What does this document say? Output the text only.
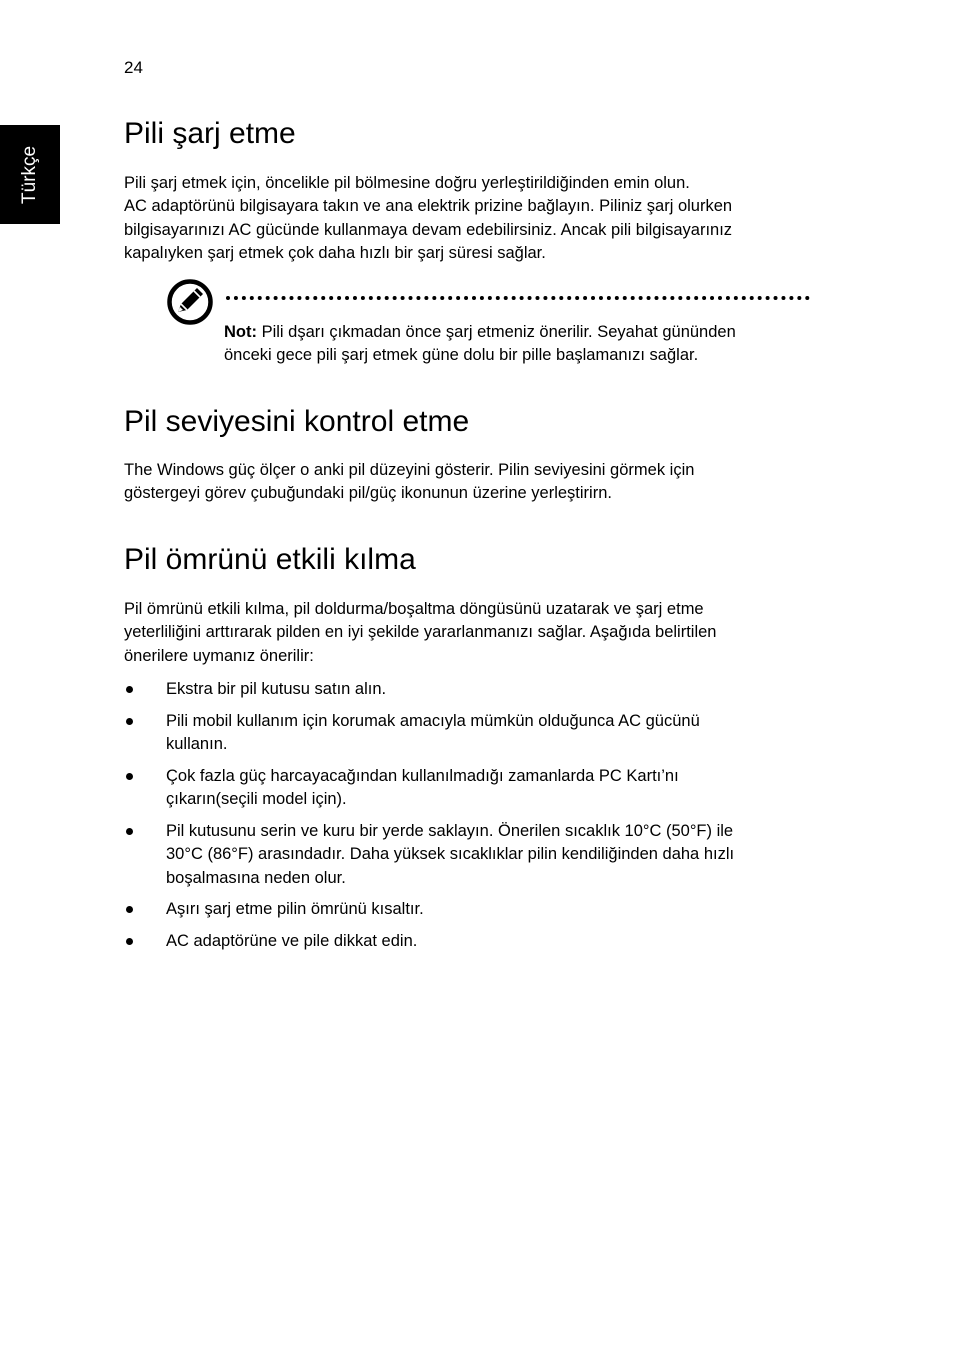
24
Türkçe
Pili şarj etme
Pili şarj etmek için, öncelikle pil bölmesine doğru yerleştirildiğinden emin olun.
AC adaptörünü bilgisayara takın ve ana elektrik prizine bağlayın. Piliniz şarj olurken
bilgisayarınızı AC gücünde kullanmaya devam edebilirsiniz. Ancak pili bilgisayarınız
kapalıyken şarj etmek çok daha hızlı bir şarj süresi sağlar.
Not: Pili dşarı çıkmadan önce şarj etmeniz önerilir. Seyahat gününden
önceki gece pili şarj etmek güne dolu bir pille başlamanızı sağlar.
Pil seviyesini kontrol etme
The Windows güç ölçer o anki pil düzeyini gösterir. Pilin seviyesini görmek için
göstergeyi görev çubuğundaki pil/güç ikonunun üzerine yerleştirirn.
Pil ömrünü etkili kılma
Pil ömrünü etkili kılma, pil doldurma/boşaltma döngüsünü uzatarak ve şarj etme
yeterliliğini arttırarak pilden en iyi şekilde yararlanmanızı sağlar. Aşağıda belirtilen
önerilere uymanız önerilir:
Ekstra bir pil kutusu satın alın.
Pili mobil kullanım için korumak amacıyla mümkün olduğunca AC gücünü
kullanın.
Çok fazla güç harcayacağından kullanılmadığı zamanlarda PC Kartı’nı
çıkarın(seçili model için).
Pil kutusunu serin ve kuru bir yerde saklayın. Önerilen sıcaklık 10°C (50°F) ile
30°C (86°F) arasındadır. Daha yüksek sıcaklıklar pilin kendiliğinden daha hızlı
boşalmasına neden olur.
Aşırı şarj etme pilin ömrünü kısaltır.
AC adaptörüne ve pile dikkat edin.
